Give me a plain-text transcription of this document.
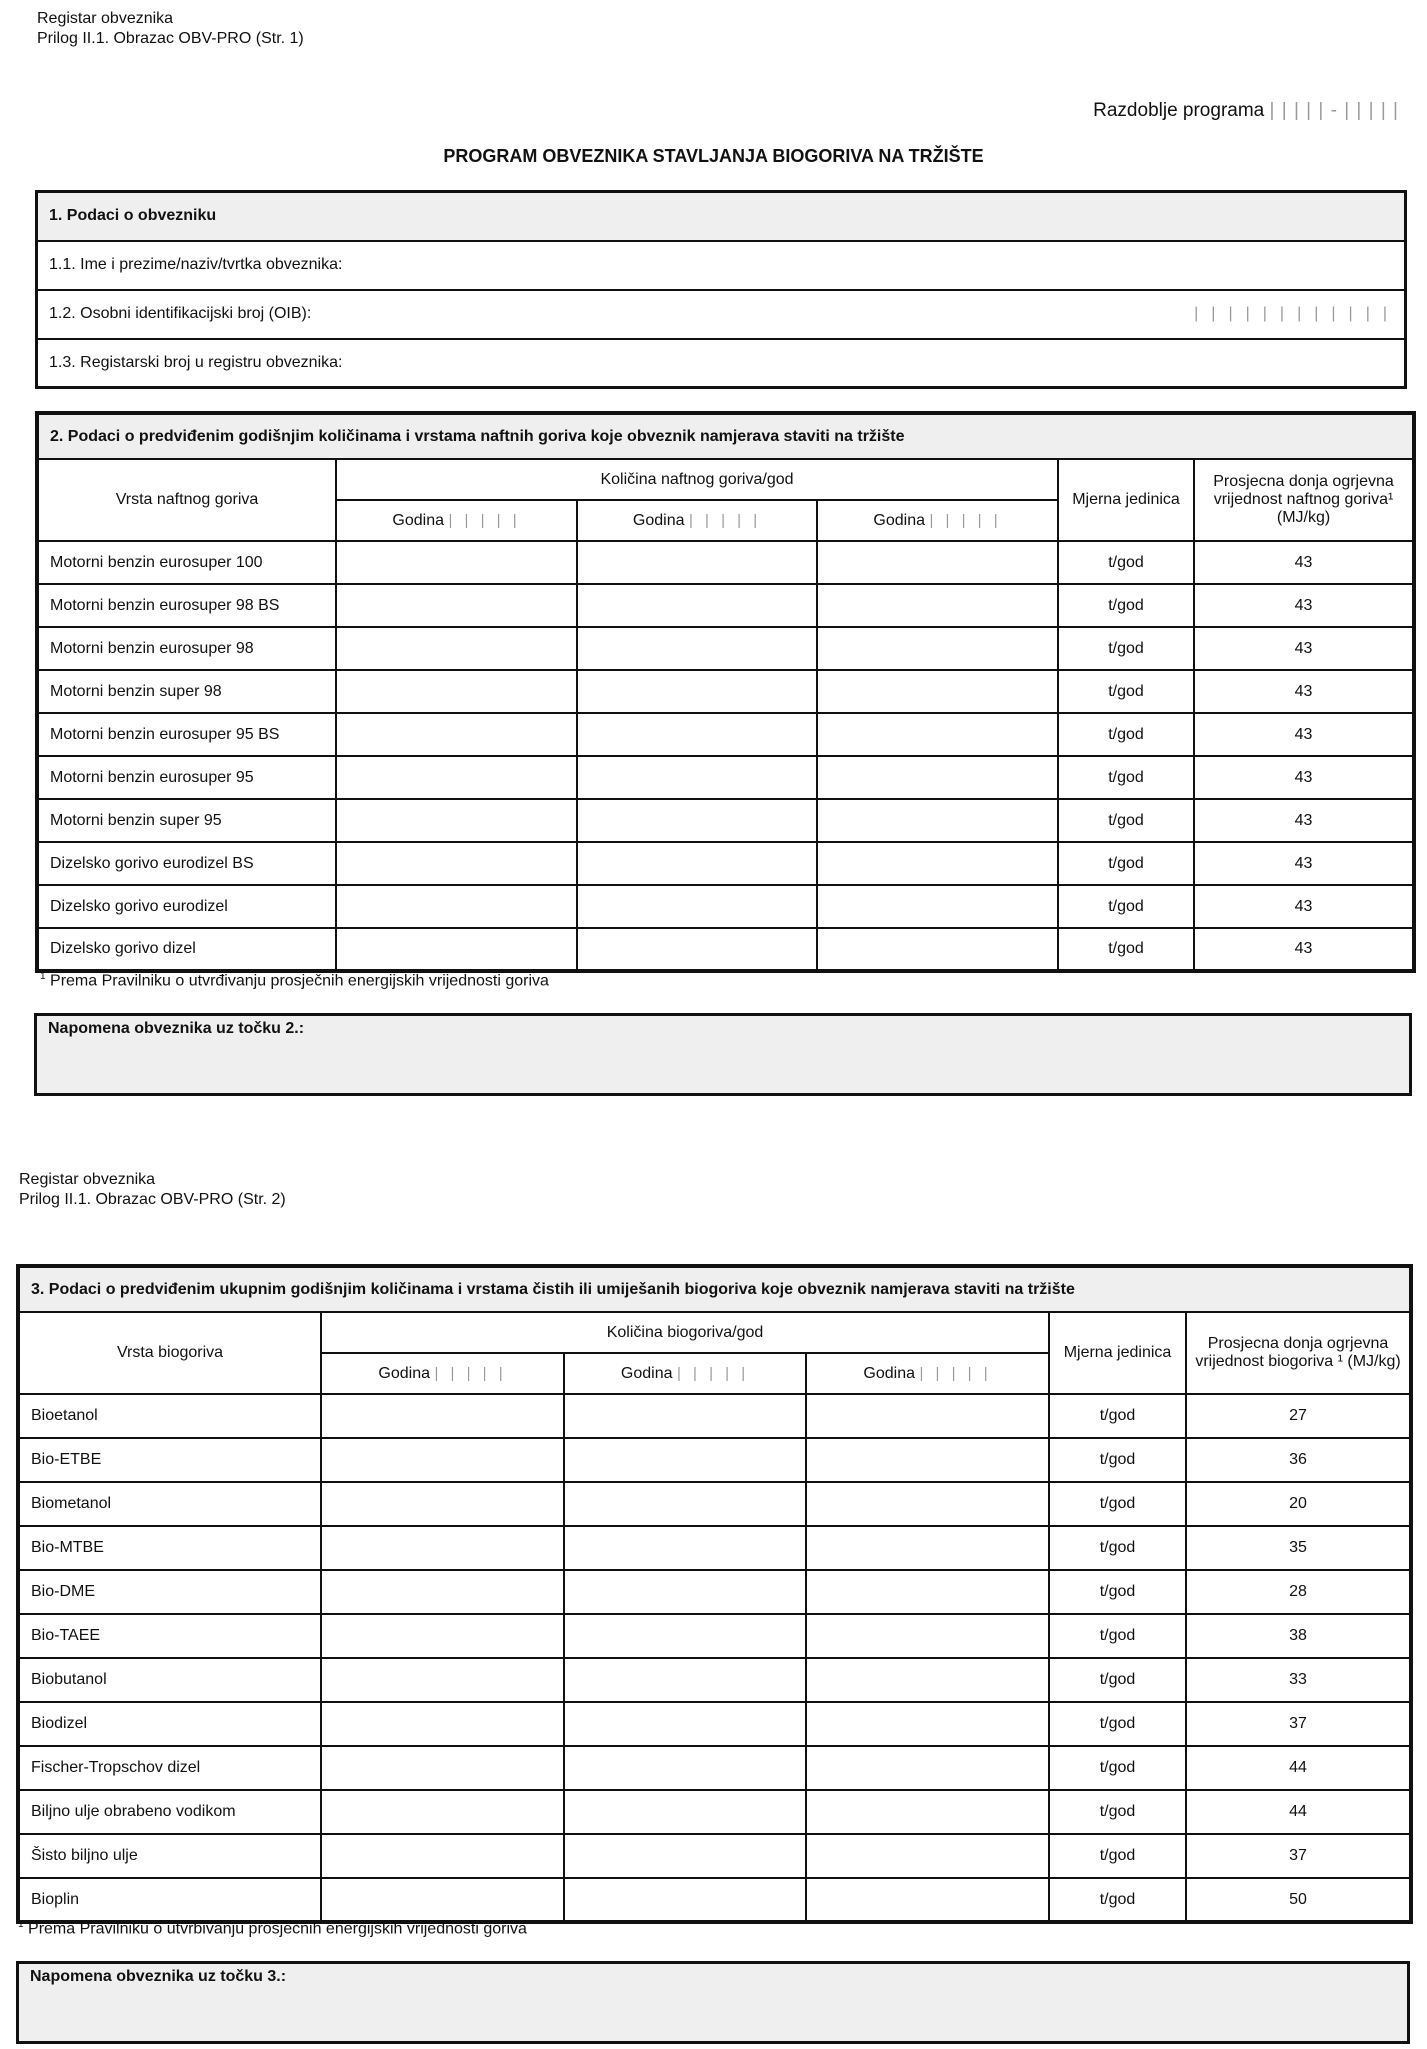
Registar obveznika
Prilog II.1. Obrazac OBV-PRO (Str. 1)
Razdoblje programa | | | | | - | | | | |
PROGRAM OBVEZNIKA STAVLJANJA BIOGORIVA NA TRŽIŠTE
1. Podaci o obvezniku
1.1. Ime i prezime/naziv/tvrtka obveznika:
1.2. Osobni identifikacijski broj (OIB):	||||||||||||

1.3. Registarski broj u registru obveznika:
2. Podaci o predviđenim godišnjim količinama i vrstama naftnih goriva koje obveznik namjerava staviti na tržište					
Vrsta naftnog goriva	Količina naftnog goriva/god			Mjerna jedinica	Prosjecna donja ogrjevna vrijednost naftnog goriva¹ (MJ/kg)
	Godina | | | | |	Godina | | | | |	Godina | | | | |		
Motorni benzin eurosuper 100				t/god	43
Motorni benzin eurosuper 98 BS				t/god	43
Motorni benzin eurosuper 98				t/god	43
Motorni benzin super 98				t/god	43
Motorni benzin eurosuper 95 BS				t/god	43
Motorni benzin eurosuper 95				t/god	43
Motorni benzin super 95				t/god	43
Dizelsko gorivo eurodizel BS				t/god	43
Dizelsko gorivo eurodizel				t/god	43
Dizelsko gorivo dizel				t/god	43
$^1$ Prema Pravilniku o utvrđivanju prosječnih energijskih vrijednosti goriva
Napomena obveznika uz točku 2.:
Registar obveznika
Prilog II.1. Obrazac OBV-PRO (Str. 2)
3. Podaci o predviđenim ukupnim godišnjim količinama i vrstama čistih ili umiješanih biogoriva koje obveznik namjerava staviti na tržište					
Vrsta biogoriva	Količina biogoriva/god			Mjerna jedinica	Prosjecna donja ogrjevna vrijednost biogoriva ¹ (MJ/kg)
	Godina | | | | |	Godina | | | | |	Godina | | | | |		
Bioetanol				t/god	27
Bio-ETBE				t/god	36
Biometanol				t/god	20
Bio-MTBE				t/god	35
Bio-DME				t/god	28
Bio-TAEE				t/god	38
Biobutanol				t/god	33
Biodizel				t/god	37
Fischer-Tropschov dizel				t/god	44
Biljno ulje obrabeno vodikom				t/god	44
Šisto biljno ulje				t/god	37
Bioplin				t/god	50
$^1$ Prema Pravilniku o utvrbivanju prosječnih energijskih vrijednosti goriva
Napomena obveznika uz točku 3.:
